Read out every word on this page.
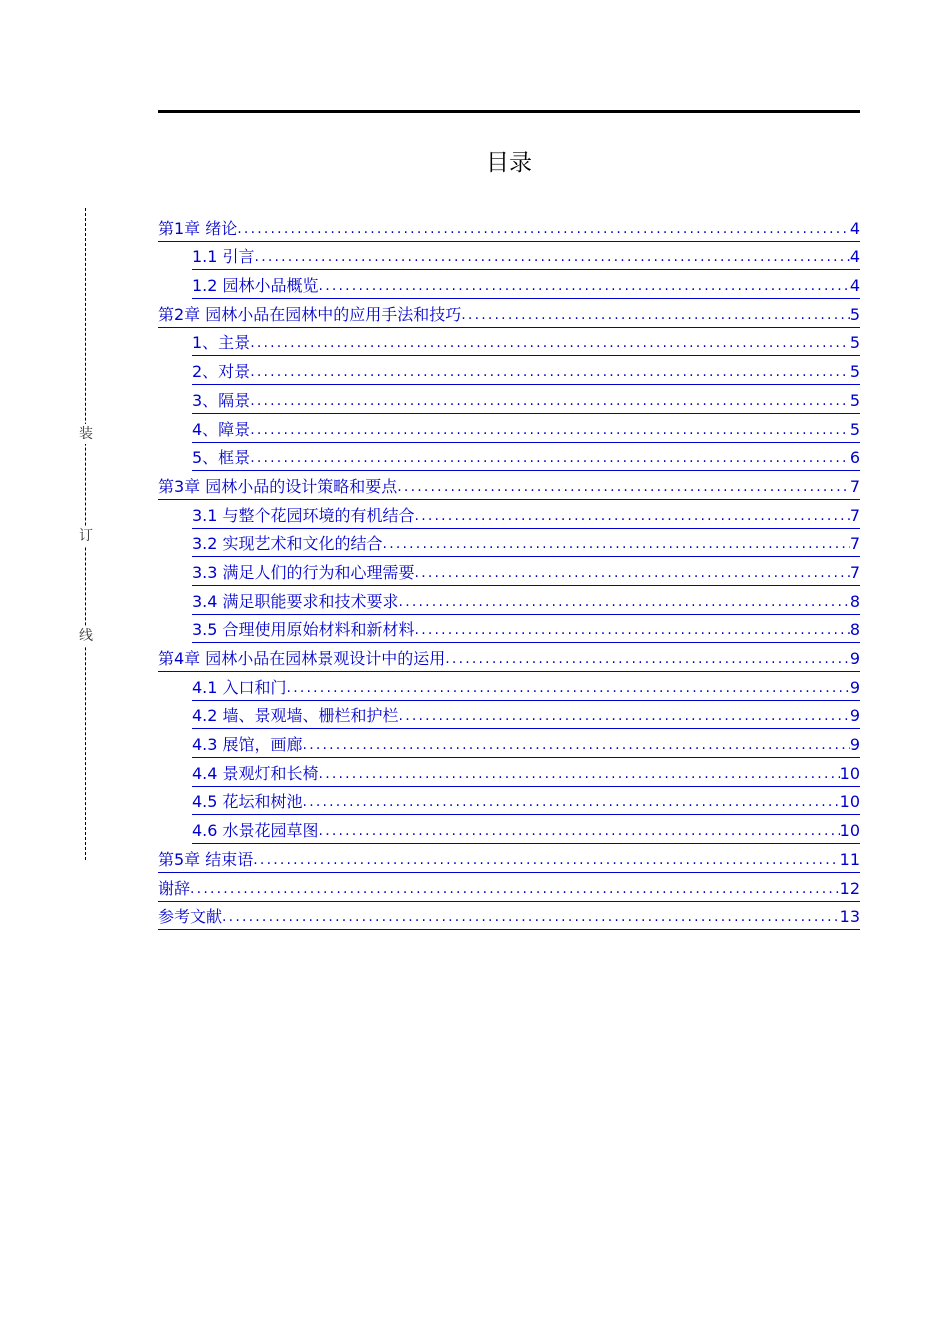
目录
装
订
线
第1章 绪论 .....	4
1.1 引言 .....	4
1.2 园林小品概览 .....	4
第2章 园林小品在园林中的应用手法和技巧 .....	5
1、主景 .....	5
2、对景 .....	5
3、隔景 .....	5
4、障景 .....	5
5、框景 .....	6
第3章 园林小品的设计策略和要点 .....	7
3.1 与整个花园环境的有机结合 .....	7
3.2 实现艺术和文化的结合 .....	7
3.3 满足人们的行为和心理需要 .....	7
3.4 满足职能要求和技术要求 .....	8
3.5 合理使用原始材料和新材料 .....	8
第4章 园林小品在园林景观设计中的运用 .....	9
4.1 入口和门 .....	9
4.2 墙、景观墙、栅栏和护栏 .....	9
4.3 展馆，画廊 .....	9
4.4 景观灯和长椅 .....	10
4.5 花坛和树池 .....	10
4.6 水景花园草图 .....	10
第5章 结束语 .....	11
谢辞 .....	12
参考文献 .....	13
